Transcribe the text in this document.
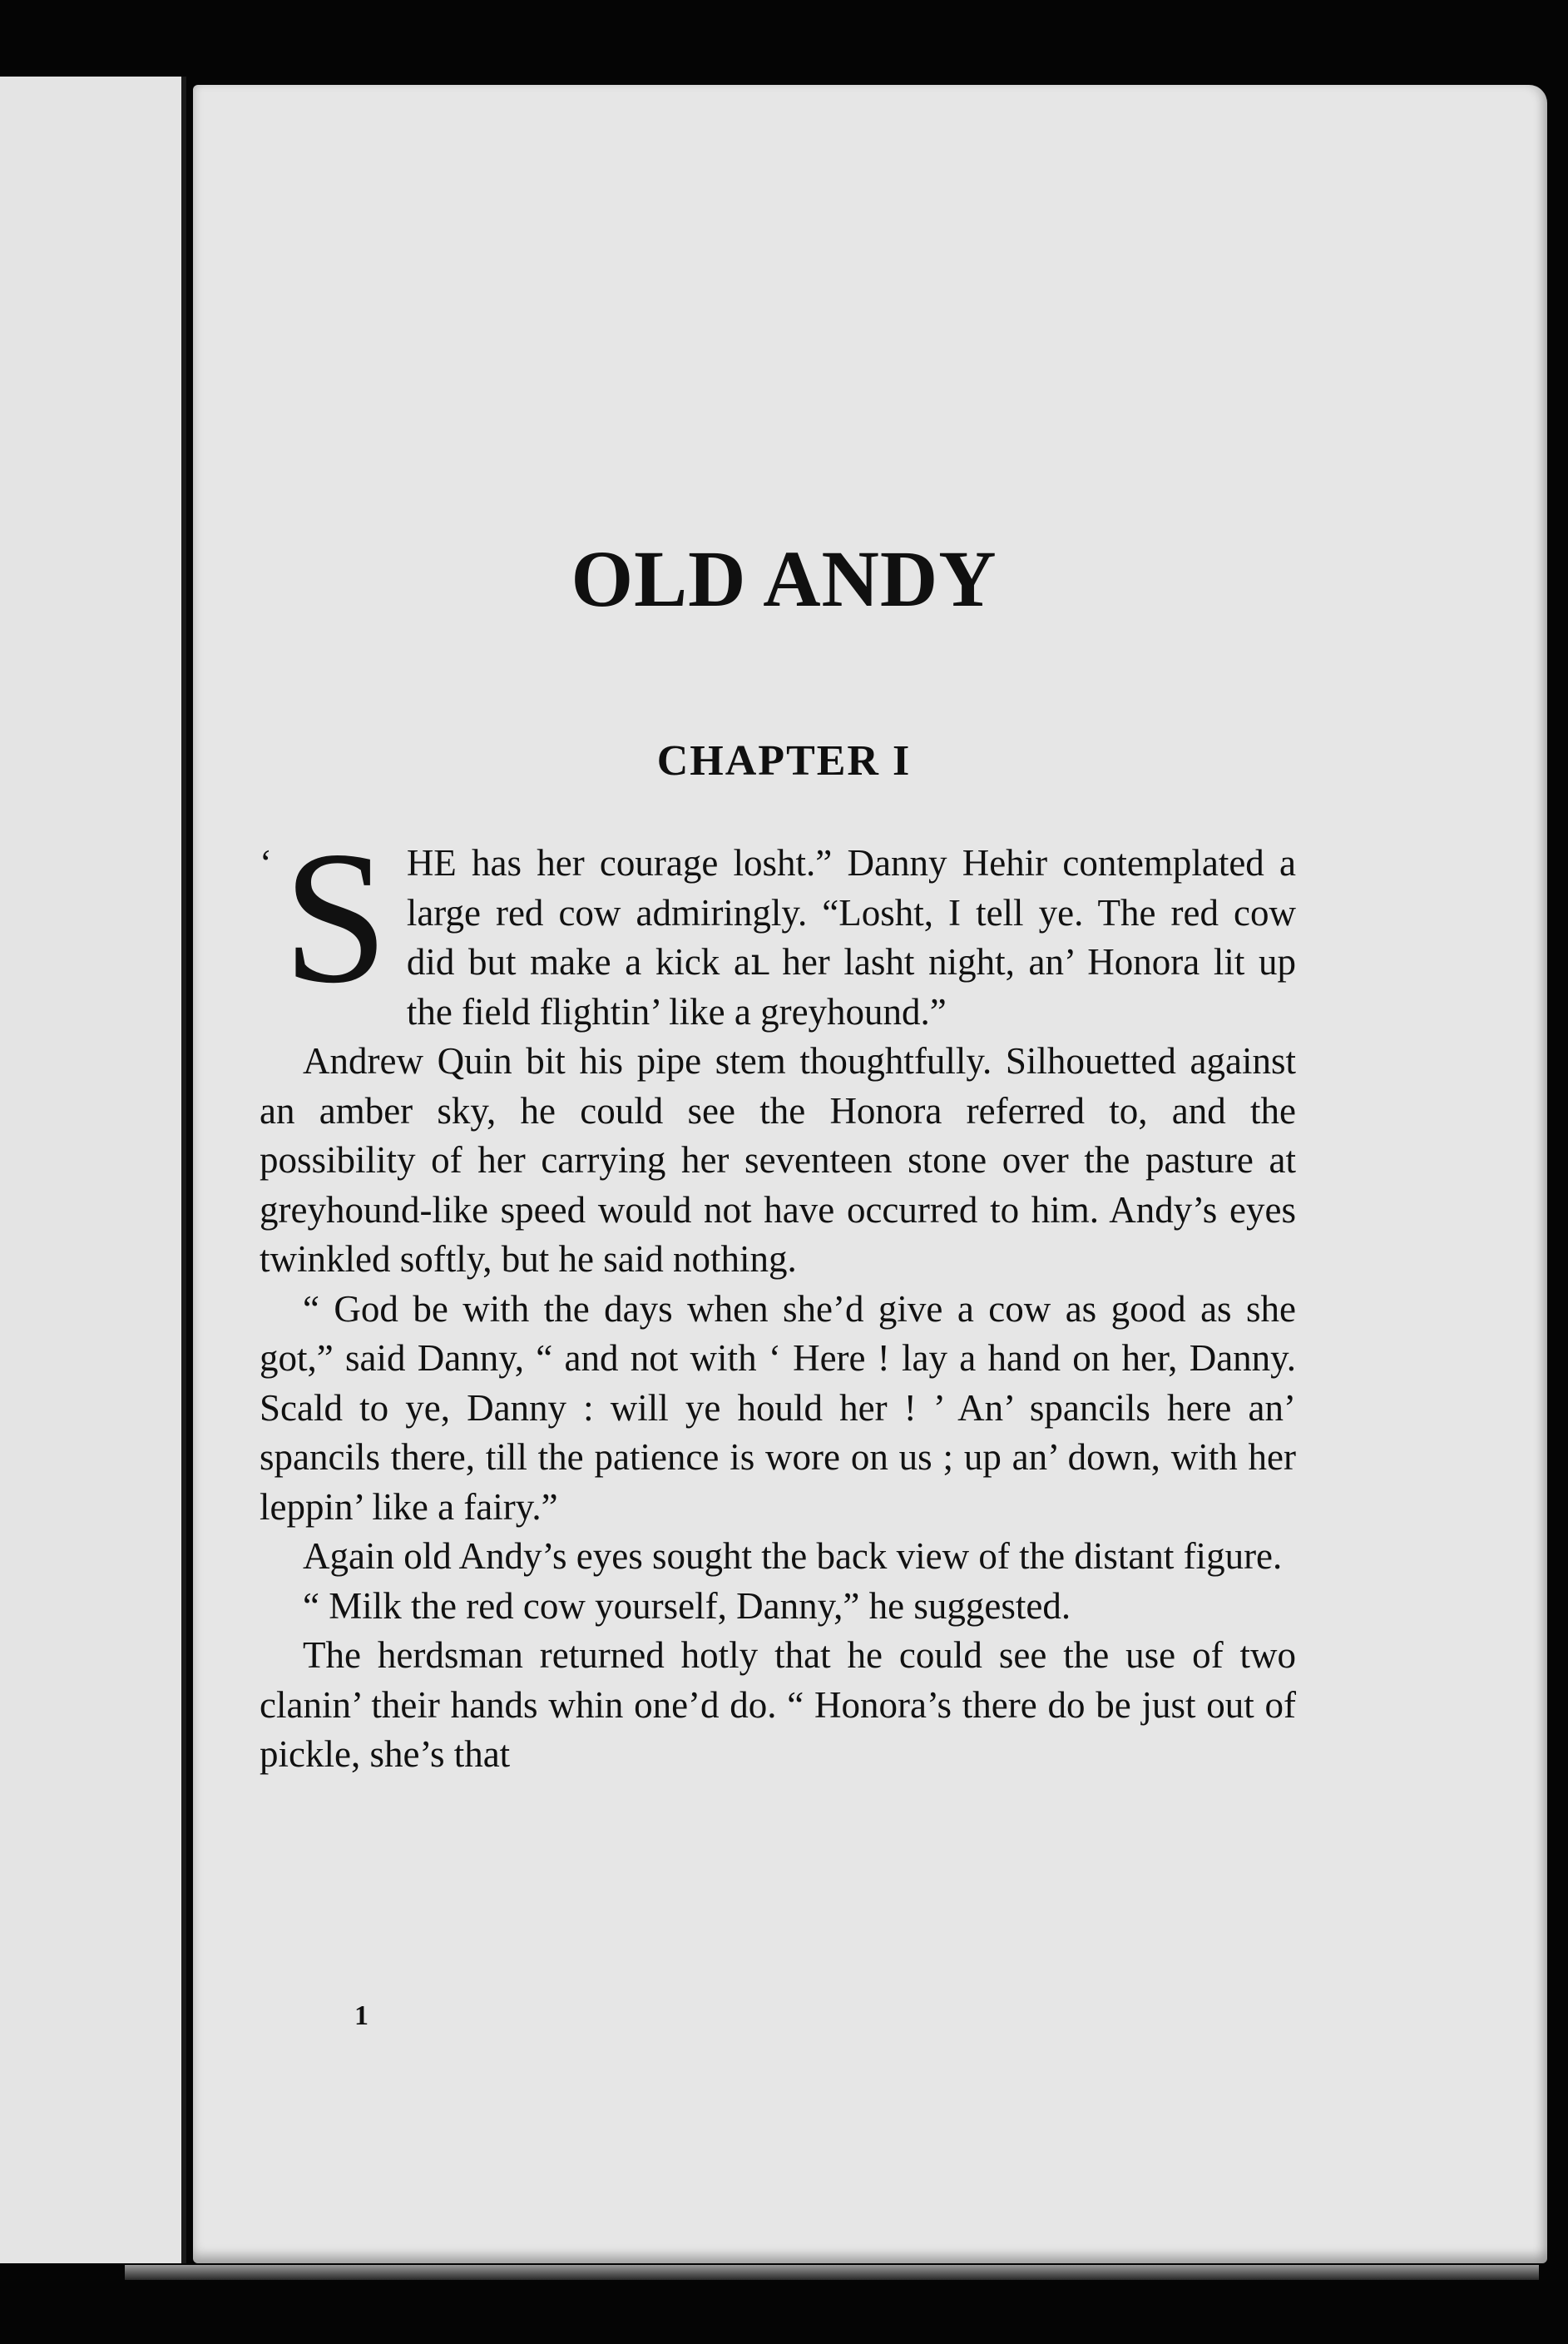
OLD ANDY
CHAPTER I

‘ S HE has her courage losht.” Danny Hehir contemplated a large red cow admiringly. “Losht, I tell ye. The red cow did but make a kick aւ her lasht night, an’ Honora lit up the field flightin’ like a greyhound.”

Andrew Quin bit his pipe stem thoughtfully. Silhouetted against an amber sky, he could see the Honora referred to, and the possibility of her carrying her seventeen stone over the pasture at greyhound-like speed would not have occurred to him. Andy’s eyes twinkled softly, but he said nothing.

“ God be with the days when she’d give a cow as good as she got,” said Danny, “ and not with ‘ Here ! lay a hand on her, Danny. Scald to ye, Danny : will ye hould her ! ’ An’ spancils here an’ spancils there, till the patience is wore on us ; up an’ down, with her leppin’ like a fairy.”

Again old Andy’s eyes sought the back view of the distant figure.

“ Milk the red cow yourself, Danny,” he suggested.

The herdsman returned hotly that he could see the use of two clanin’ their hands whin one’d do. “ Honora’s there do be just out of pickle, she’s that

1
